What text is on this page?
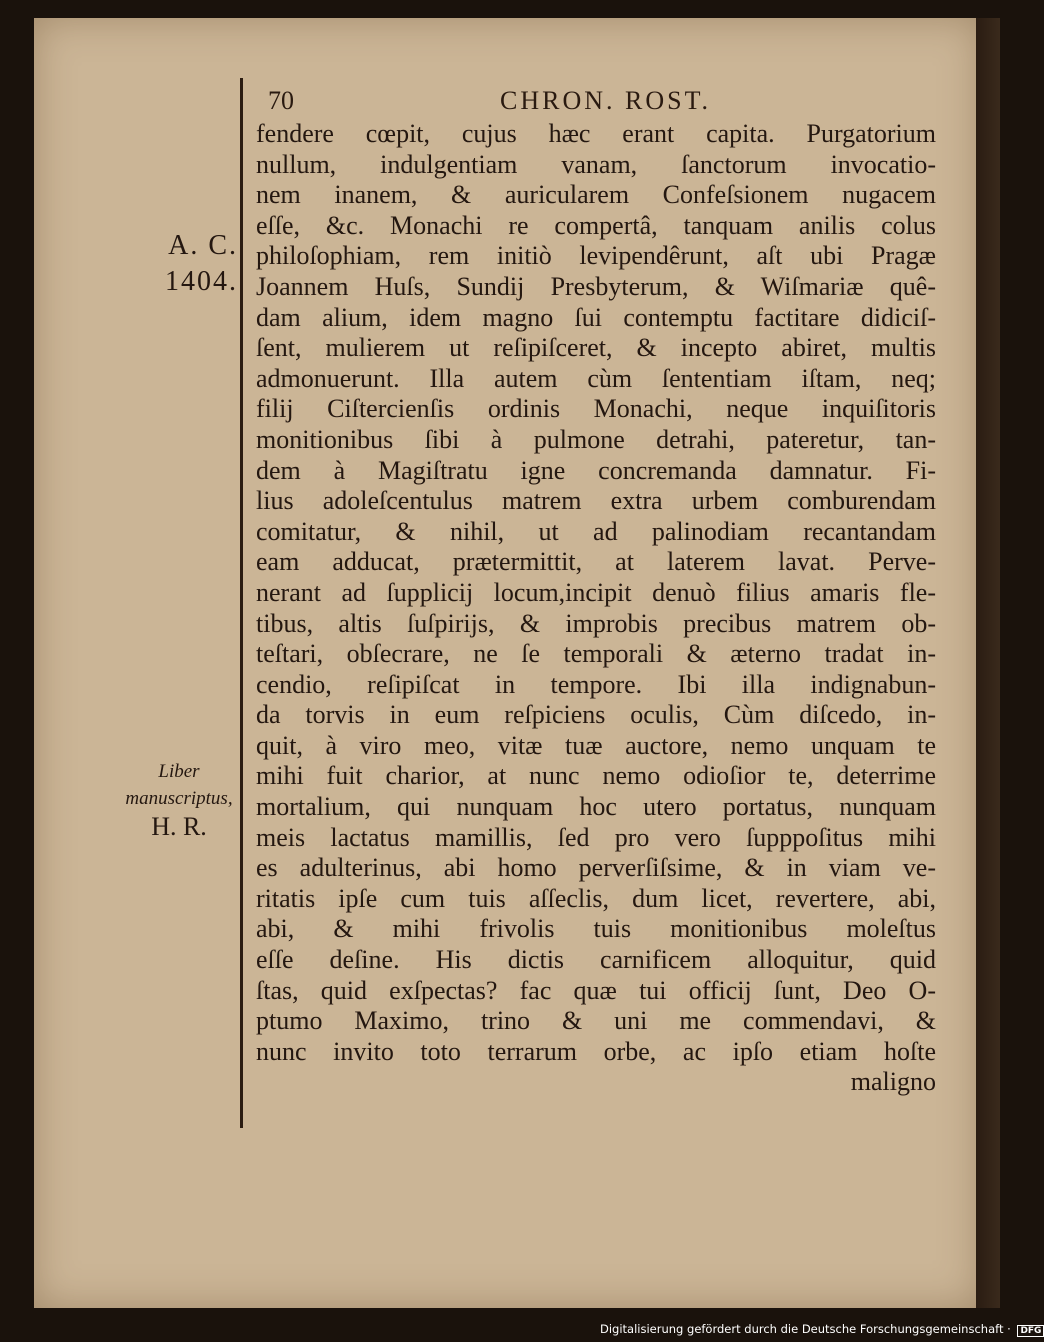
70	CHRON. ROST.
A. C.
1404.
Liber manuscriptus,
H. R.
fendere cœpit, cujus hæc erant capita. Purgatorium
nullum, indulgentiam vanam, ſanctorum invocatio-
nem inanem, & auricularem Confeſsionem nugacem
eſſe, &c. Monachi re compertâ, tanquam anilis colus
philoſophiam, rem initiò levipendêrunt, aſt ubi Pragæ
Joannem Huſs, Sundij Presbyterum, & Wiſmariæ quê-
dam alium, idem magno ſui contemptu factitare didiciſ-
ſent, mulierem ut reſipiſceret, & incepto abiret, multis
admonuerunt. Illa autem cùm ſententiam iſtam, neq;
filij Ciſtercienſis ordinis Monachi, neque inquiſitoris
monitionibus ſibi à pulmone detrahi, pateretur, tan-
dem à Magiſtratu igne concremanda damnatur. Fi-
lius adoleſcentulus matrem extra urbem comburendam
comitatur, & nihil, ut ad palinodiam recantandam
eam adducat, prætermittit, at laterem lavat. Perve-
nerant ad ſupplicij locum,incipit denuò filius amaris fle-
tibus, altis ſuſpirijs, & improbis precibus matrem ob-
teſtari, obſecrare, ne ſe temporali & æterno tradat in-
cendio, reſipiſcat in tempore. Ibi illa indignabun-
da torvis in eum reſpiciens oculis, Cùm diſcedo, in-
quit, à viro meo, vitæ tuæ auctore, nemo unquam te
mihi fuit charior, at nunc nemo odioſior te, deterrime
mortalium, qui nunquam hoc utero portatus, nunquam
meis lactatus mamillis, ſed pro vero ſupppoſitus mihi
es adulterinus, abi homo perverſiſsime, & in viam ve-
ritatis ipſe cum tuis aſſeclis, dum licet, revertere, abi,
abi, & mihi frivolis tuis monitionibus moleſtus
eſſe deſine. His dictis carnificem alloquitur, quid
ſtas, quid exſpectas? fac quæ tui officij ſunt, Deo O-
ptumo Maximo, trino & uni me commendavi, &
nunc invito toto terrarum orbe, ac ipſo etiam hoſte
maligno
Digitalisierung gefördert durch die Deutsche Forschungsgemeinschaft · DFG
